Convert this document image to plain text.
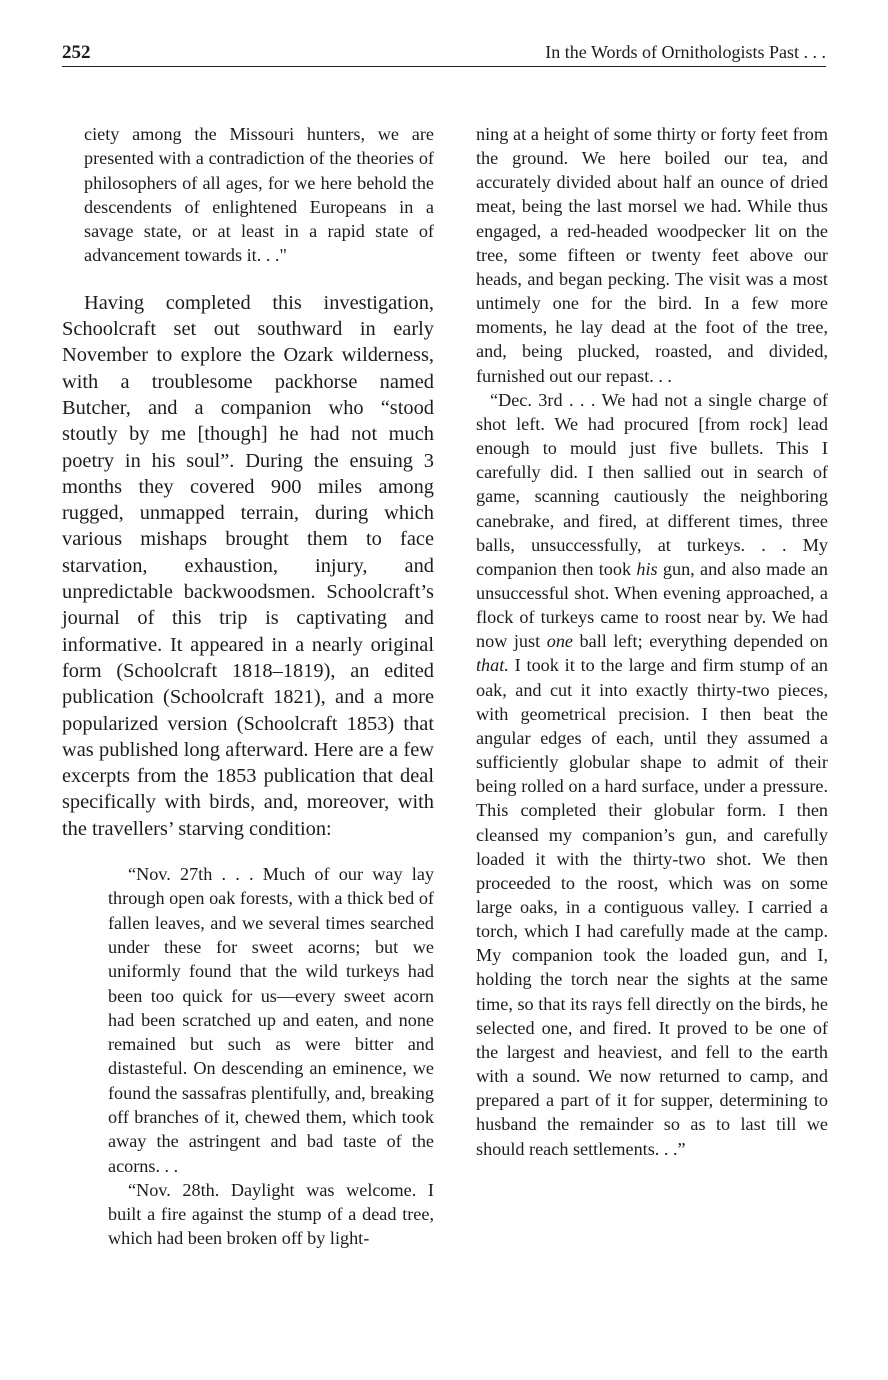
252	In the Words of Ornithologists Past . . .

ciety among the Missouri hunters, we are presented with a contradiction of the theories of philosophers of all ages, for we here behold the descendents of enlightened Europeans in a savage state, or at least in a rapid state of advancement towards it. . ."

Having completed this investigation, Schoolcraft set out southward in early November to explore the Ozark wilderness, with a troublesome packhorse named Butcher, and a companion who “stood stoutly by me [though] he had not much poetry in his soul”. During the ensuing 3 months they covered 900 miles among rugged, unmapped terrain, during which various mishaps brought them to face starvation, exhaustion, injury, and unpredictable backwoodsmen. Schoolcraft’s journal of this trip is captivating and informative. It appeared in a nearly original form (Schoolcraft 1818–1819), an edited publication (Schoolcraft 1821), and a more popularized version (Schoolcraft 1853) that was published long afterward. Here are a few excerpts from the 1853 publication that deal specifically with birds, and, moreover, with the travellers’ starving condition:

“Nov. 27th . . . Much of our way lay through open oak forests, with a thick bed of fallen leaves, and we several times searched under these for sweet acorns; but we uniformly found that the wild turkeys had been too quick for us—every sweet acorn had been scratched up and eaten, and none remained but such as were bitter and distasteful. On descending an eminence, we found the sassafras plentifully, and, breaking off branches of it, chewed them, which took away the astringent and bad taste of the acorns. . .

“Nov. 28th. Daylight was welcome. I built a fire against the stump of a dead tree, which had been broken off by light-

ning at a height of some thirty or forty feet from the ground. We here boiled our tea, and accurately divided about half an ounce of dried meat, being the last morsel we had. While thus engaged, a red-headed woodpecker lit on the tree, some fifteen or twenty feet above our heads, and began pecking. The visit was a most untimely one for the bird. In a few more moments, he lay dead at the foot of the tree, and, being plucked, roasted, and divided, furnished out our repast. . .

“Dec. 3rd . . . We had not a single charge of shot left. We had procured [from rock] lead enough to mould just five bullets. This I carefully did. I then sallied out in search of game, scanning cautiously the neighboring canebrake, and fired, at different times, three balls, unsuccessfully, at turkeys. . . My companion then took his gun, and also made an unsuccessful shot. When evening approached, a flock of turkeys came to roost near by. We had now just one ball left; everything depended on that. I took it to the large and firm stump of an oak, and cut it into exactly thirty-two pieces, with geometrical precision. I then beat the angular edges of each, until they assumed a sufficiently globular shape to admit of their being rolled on a hard surface, under a pressure. This completed their globular form. I then cleansed my companion’s gun, and carefully loaded it with the thirty-two shot. We then proceeded to the roost, which was on some large oaks, in a contiguous valley. I carried a torch, which I had carefully made at the camp. My companion took the loaded gun, and I, holding the torch near the sights at the same time, so that its rays fell directly on the birds, he selected one, and fired. It proved to be one of the largest and heaviest, and fell to the earth with a sound. We now returned to camp, and prepared a part of it for supper, determining to husband the remainder so as to last till we should reach settlements. . .”
